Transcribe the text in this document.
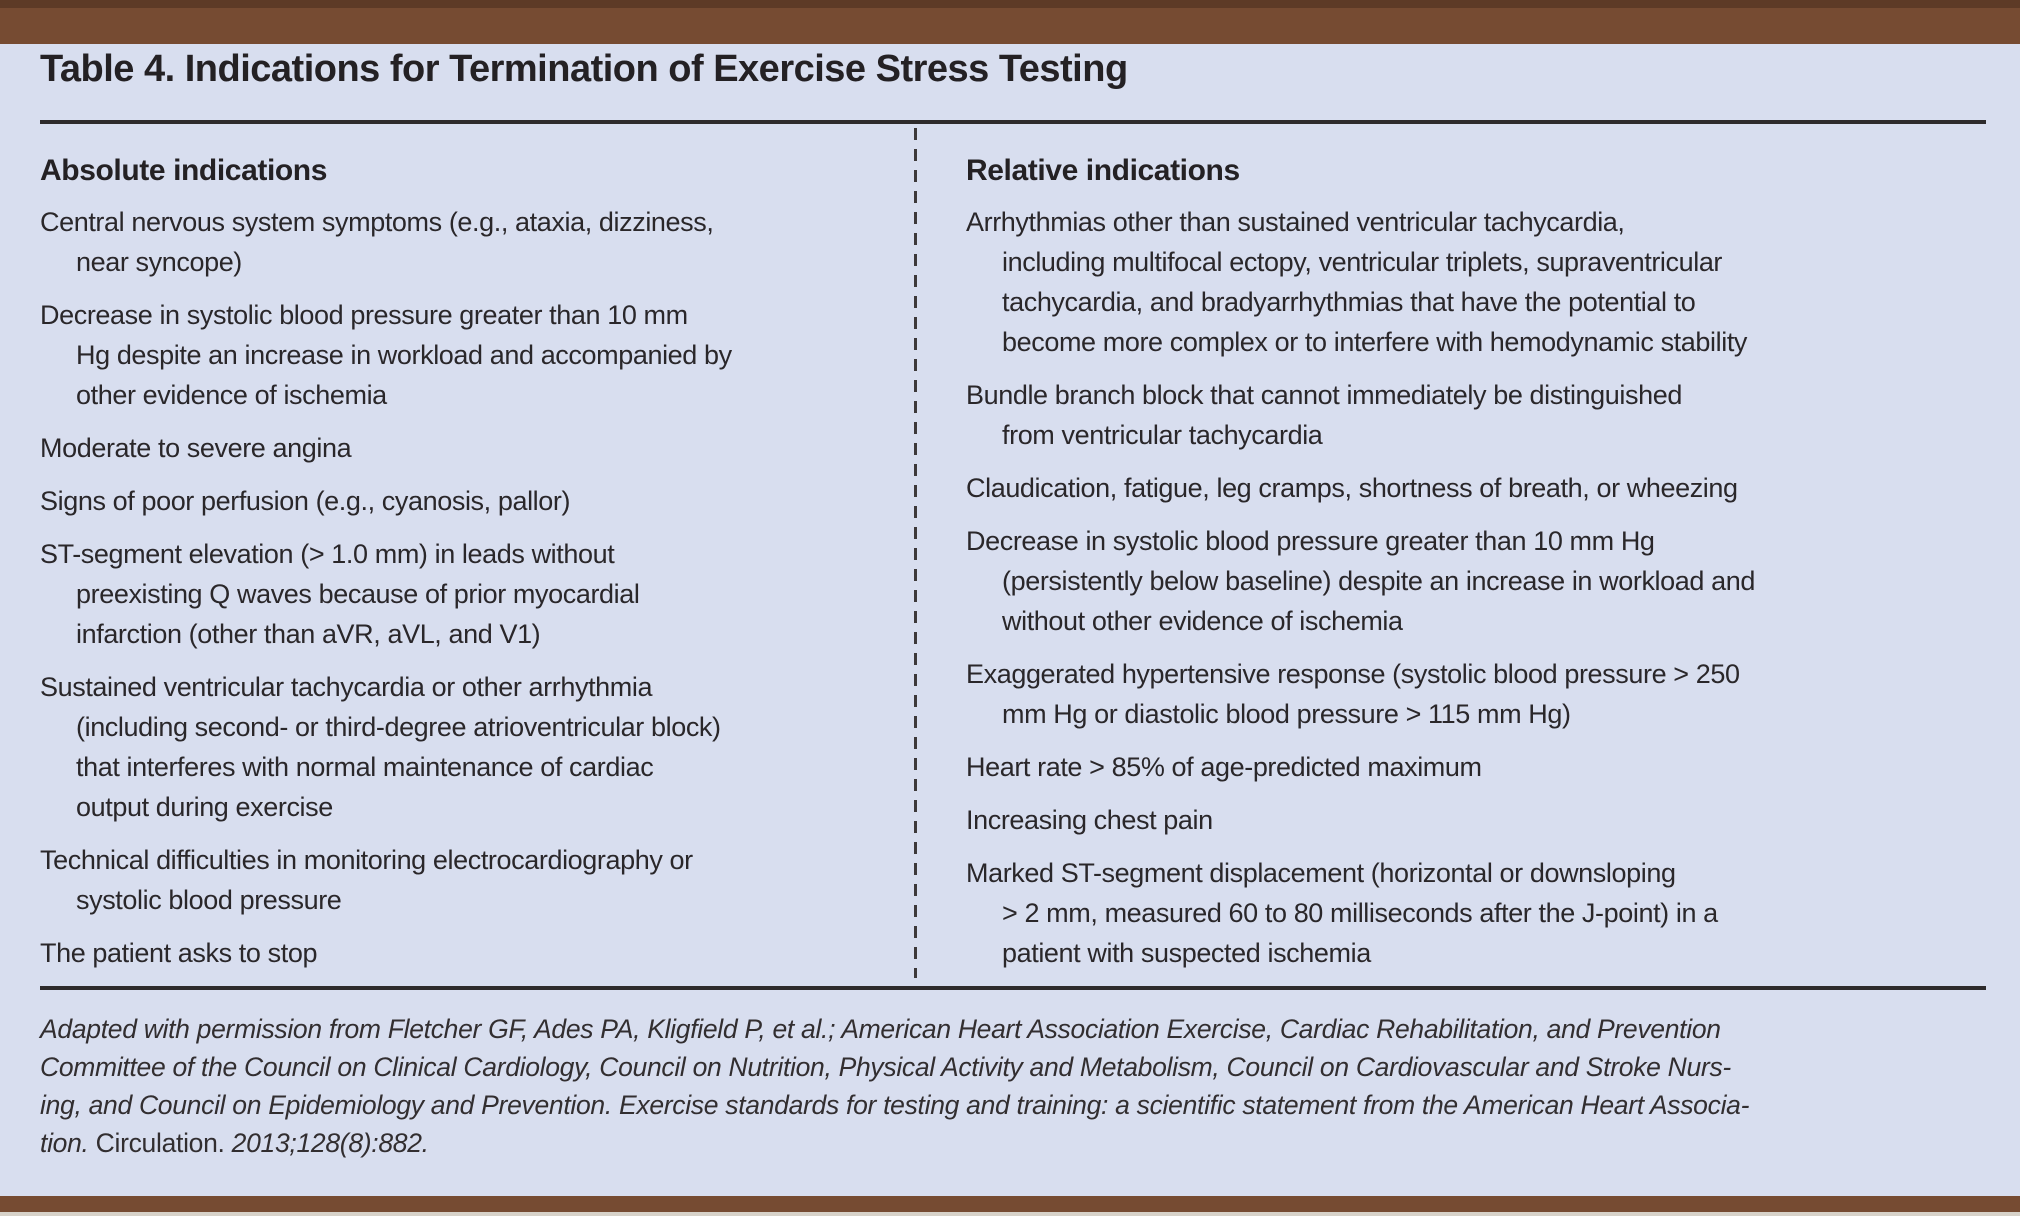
Table 4. Indications for Termination of Exercise Stress Testing
Absolute indications
Central nervous system symptoms (e.g., ataxia, dizziness,
near syncope)
Decrease in systolic blood pressure greater than 10 mm
Hg despite an increase in workload and accompanied by
other evidence of ischemia
Moderate to severe angina
Signs of poor perfusion (e.g., cyanosis, pallor)
ST-segment elevation (> 1.0 mm) in leads without
preexisting Q waves because of prior myocardial
infarction (other than aVR, aVL, and V1)
Sustained ventricular tachycardia or other arrhythmia
(including second- or third-degree atrioventricular block)
that interferes with normal maintenance of cardiac
output during exercise
Technical difficulties in monitoring electrocardiography or
systolic blood pressure
The patient asks to stop
Relative indications
Arrhythmias other than sustained ventricular tachycardia,
including multifocal ectopy, ventricular triplets, supraventricular
tachycardia, and bradyarrhythmias that have the potential to
become more complex or to interfere with hemodynamic stability
Bundle branch block that cannot immediately be distinguished
from ventricular tachycardia
Claudication, fatigue, leg cramps, shortness of breath, or wheezing
Decrease in systolic blood pressure greater than 10 mm Hg
(persistently below baseline) despite an increase in workload and
without other evidence of ischemia
Exaggerated hypertensive response (systolic blood pressure > 250
mm Hg or diastolic blood pressure > 115 mm Hg)
Heart rate > 85% of age-predicted maximum
Increasing chest pain
Marked ST-segment displacement (horizontal or downsloping
> 2 mm, measured 60 to 80 milliseconds after the J-point) in a
patient with suspected ischemia
Adapted with permission from Fletcher GF, Ades PA, Kligfield P, et al.; American Heart Association Exercise, Cardiac Rehabilitation, and Prevention
Committee of the Council on Clinical Cardiology, Council on Nutrition, Physical Activity and Metabolism, Council on Cardiovascular and Stroke Nurs-
ing, and Council on Epidemiology and Prevention. Exercise standards for testing and training: a scientific statement from the American Heart Associa-
tion. Circulation. 2013;128(8):882.
